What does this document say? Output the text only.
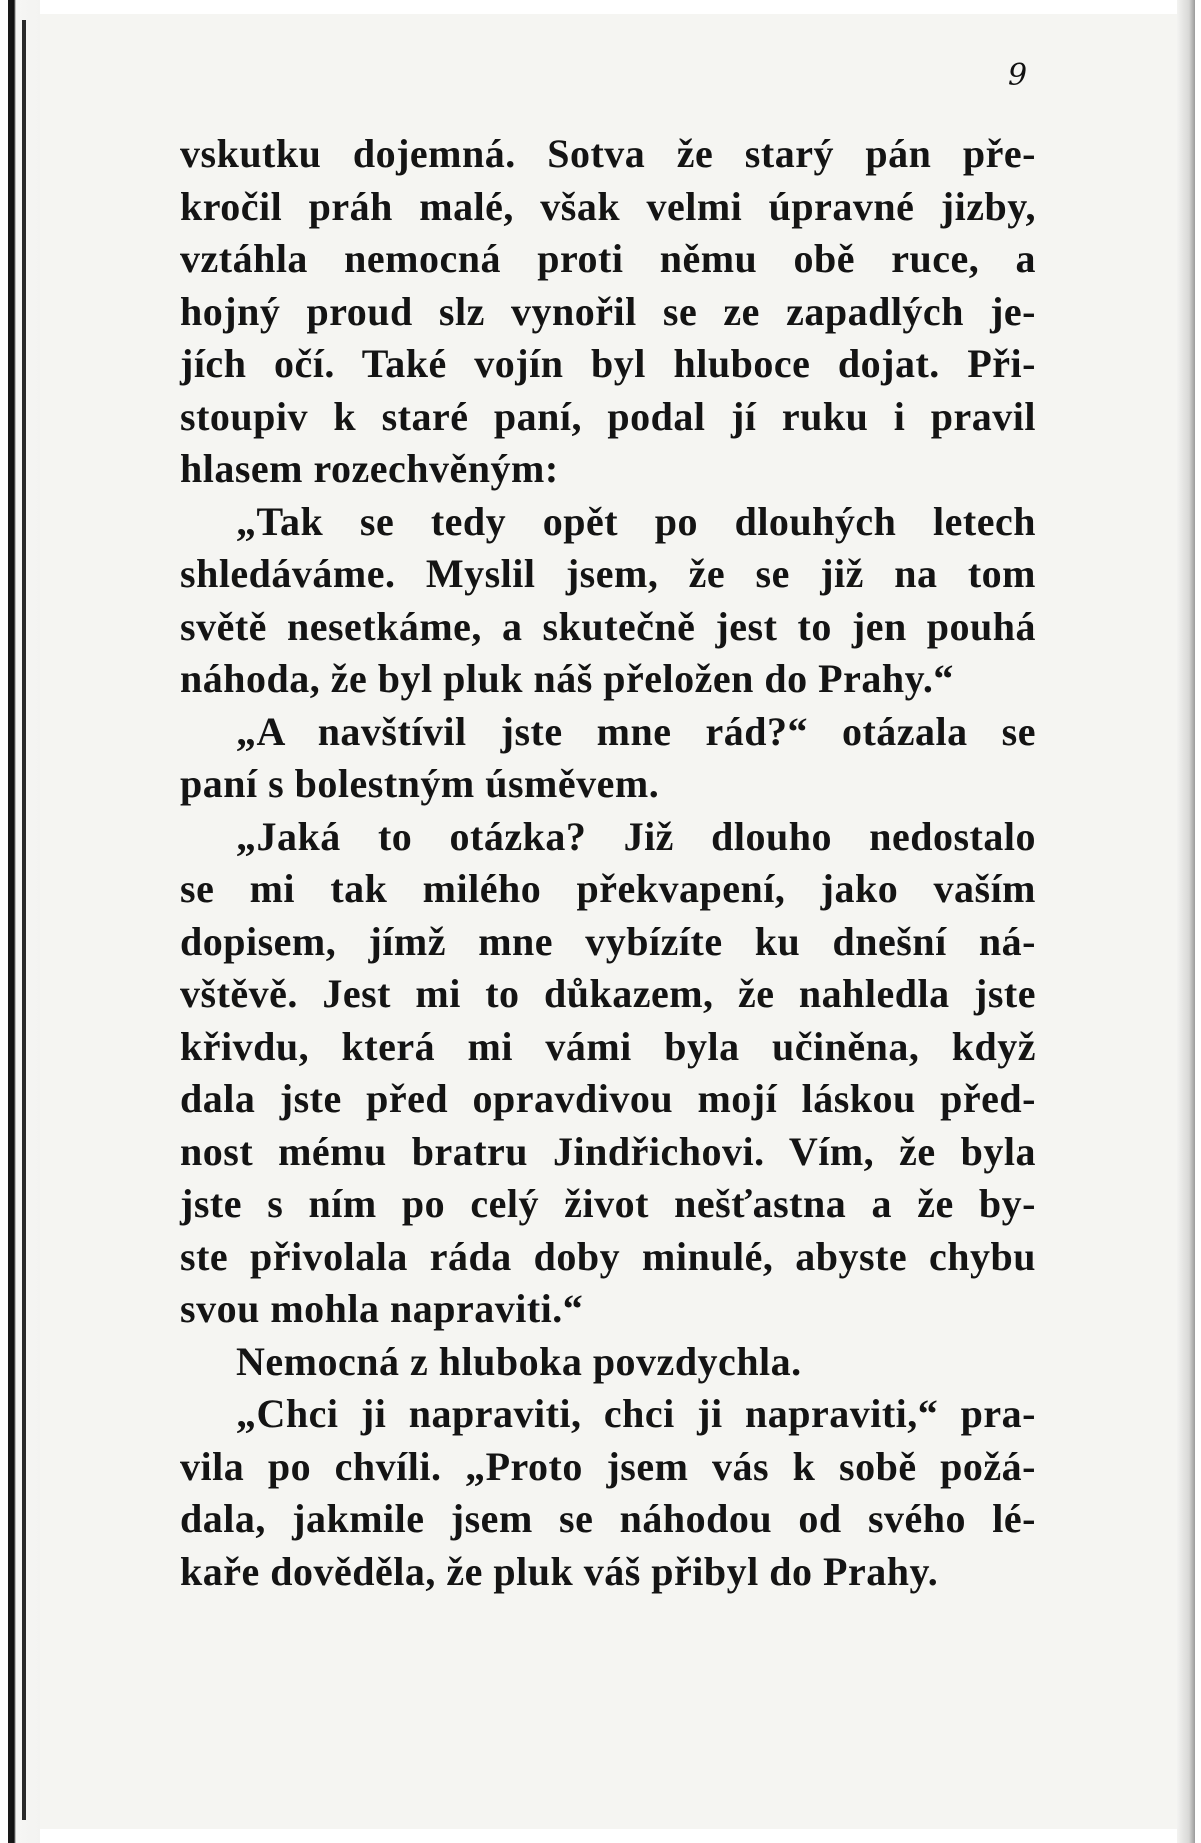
9
vskutku dojemná. Sotva že starý pán pře-
kročil práh malé, však velmi úpravné jizby,
vztáhla nemocná proti němu obě ruce, a
hojný proud slz vynořil se ze zapadlých je-
jích očí. Také vojín byl hluboce dojat. Při-
stoupiv k staré paní, podal jí ruku i pravil
hlasem rozechvěným:
„Tak se tedy opět po dlouhých letech
shledáváme. Myslil jsem, že se již na tom
světě nesetkáme, a skutečně jest to jen pouhá
náhoda, že byl pluk náš přeložen do Prahy.“
„A navštívil jste mne rád?“ otázala se
paní s bolestným úsměvem.
„Jaká to otázka? Již dlouho nedostalo
se mi tak milého překvapení, jako vaším
dopisem, jímž mne vybízíte ku dnešní ná-
vštěvě. Jest mi to důkazem, že nahledla jste
křivdu, která mi vámi byla učiněna, když
dala jste před opravdivou mojí láskou před-
nost mému bratru Jindřichovi. Vím, že byla
jste s ním po celý život nešťastna a že by-
ste přivolala ráda doby minulé, abyste chybu
svou mohla napraviti.“
Nemocná z hluboka povzdychla.
„Chci ji napraviti, chci ji napraviti,“ pra-
vila po chvíli. „Proto jsem vás k sobě požá-
dala, jakmile jsem se náhodou od svého lé-
kaře dověděla, že pluk váš přibyl do Prahy.
